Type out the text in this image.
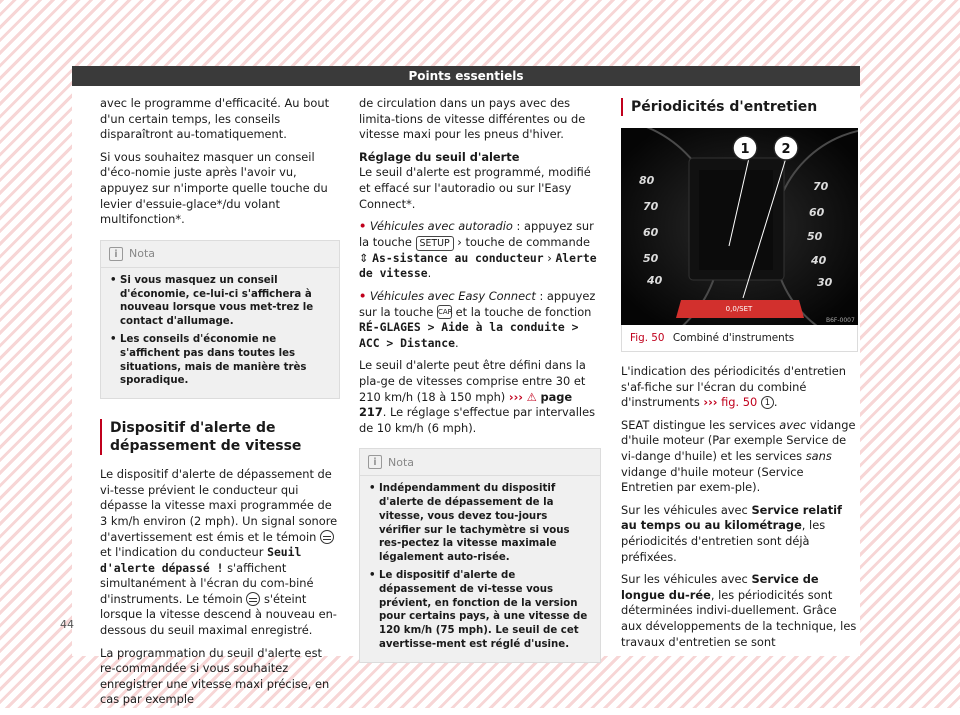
Points essentiels

avec le programme d'efficacité. Au bout d'un certain temps, les conseils disparaîtront au-tomatiquement.

Si vous souhaitez masquer un conseil d'éco-nomie juste après l'avoir vu, appuyez sur n'importe quelle touche du levier d'essuie-glace*/du volant multifonction*.

i	Nota
• Si vous masquez un conseil d'économie, ce-lui-ci s'affichera à nouveau lorsque vous met-trez le contact d'allumage.
• Les conseils d'économie ne s'affichent pas dans toutes les situations, mais de manière très sporadique.
Dispositif d'alerte de dépassement de vitesse

Le dispositif d'alerte de dépassement de vi-tesse prévient le conducteur qui dépasse la vitesse maxi programmée de 3 km/h environ (2 mph). Un signal sonore d'avertissement est émis et le témoin  et l'indication du conducteur Seuil d'alerte dépassé ! s'affichent simultanément à l'écran du com-biné d'instruments. Le témoin s'éteint lorsque la vitesse descend à nouveau en-dessous du seuil maximal enregistré.

La programmation du seuil d'alerte est re-commandée si vous souhaitez enregistrer une vitesse maxi précise, en cas par exemple

de circulation dans un pays avec des limita-tions de vitesse différentes ou de vitesse maxi pour les pneus d'hiver.

Réglage du seuil d'alerte

Le seuil d'alerte est programmé, modifié et effacé sur l'autoradio ou sur l'Easy Connect*.

• Véhicules avec autoradio : appuyez sur la touche SETUP › touche de commande ⇕ As-sistance au conducteur › Alerte de vitesse.

• Véhicules avec Easy Connect : appuyez sur la touche CAR et la touche de fonction RÉ-GLAGES > Aide à la conduite > ACC > Distance.

Le seuil d'alerte peut être défini dans la pla-ge de vitesses comprise entre 30 et 210 km/h (18 à 150 mph) ››› ⚠ page 217. Le réglage s'effectue par intervalles de 10 km/h (6 mph).

i	Nota
• Indépendamment du dispositif d'alerte de dépassement de la vitesse, vous devez tou-jours vérifier sur le tachymètre si vous res-pectez la vitesse maximale légalement auto-risée.
• Le dispositif d'alerte de dépassement de vi-tesse vous prévient, en fonction de la version pour certains pays, à une vitesse de 120 km/h (75 mph). Le seuil de cet avertisse-ment est réglé d'usine.
Périodicités d'entretien
0,0/SET
B6F-0007
80
70
60
50
40
70
60
50
40
30
1 2
Fig. 50 Combiné d'instruments

L'indication des périodicités d'entretien s'af-fiche sur l'écran du combiné d'instruments ››› fig. 50 1 .

SEAT distingue les services avec vidange d'huile moteur (Par exemple Service de vi-dange d'huile) et les services sans vidange d'huile moteur (Service Entretien par exem-ple).

Sur les véhicules avec Service relatif au temps ou au kilométrage, les périodicités d'entretien sont déjà préfixées.

Sur les véhicules avec Service de longue du-rée, les périodicités sont déterminées indivi-duellement. Grâce aux développements de la technique, les travaux d'entretien se sont

44
